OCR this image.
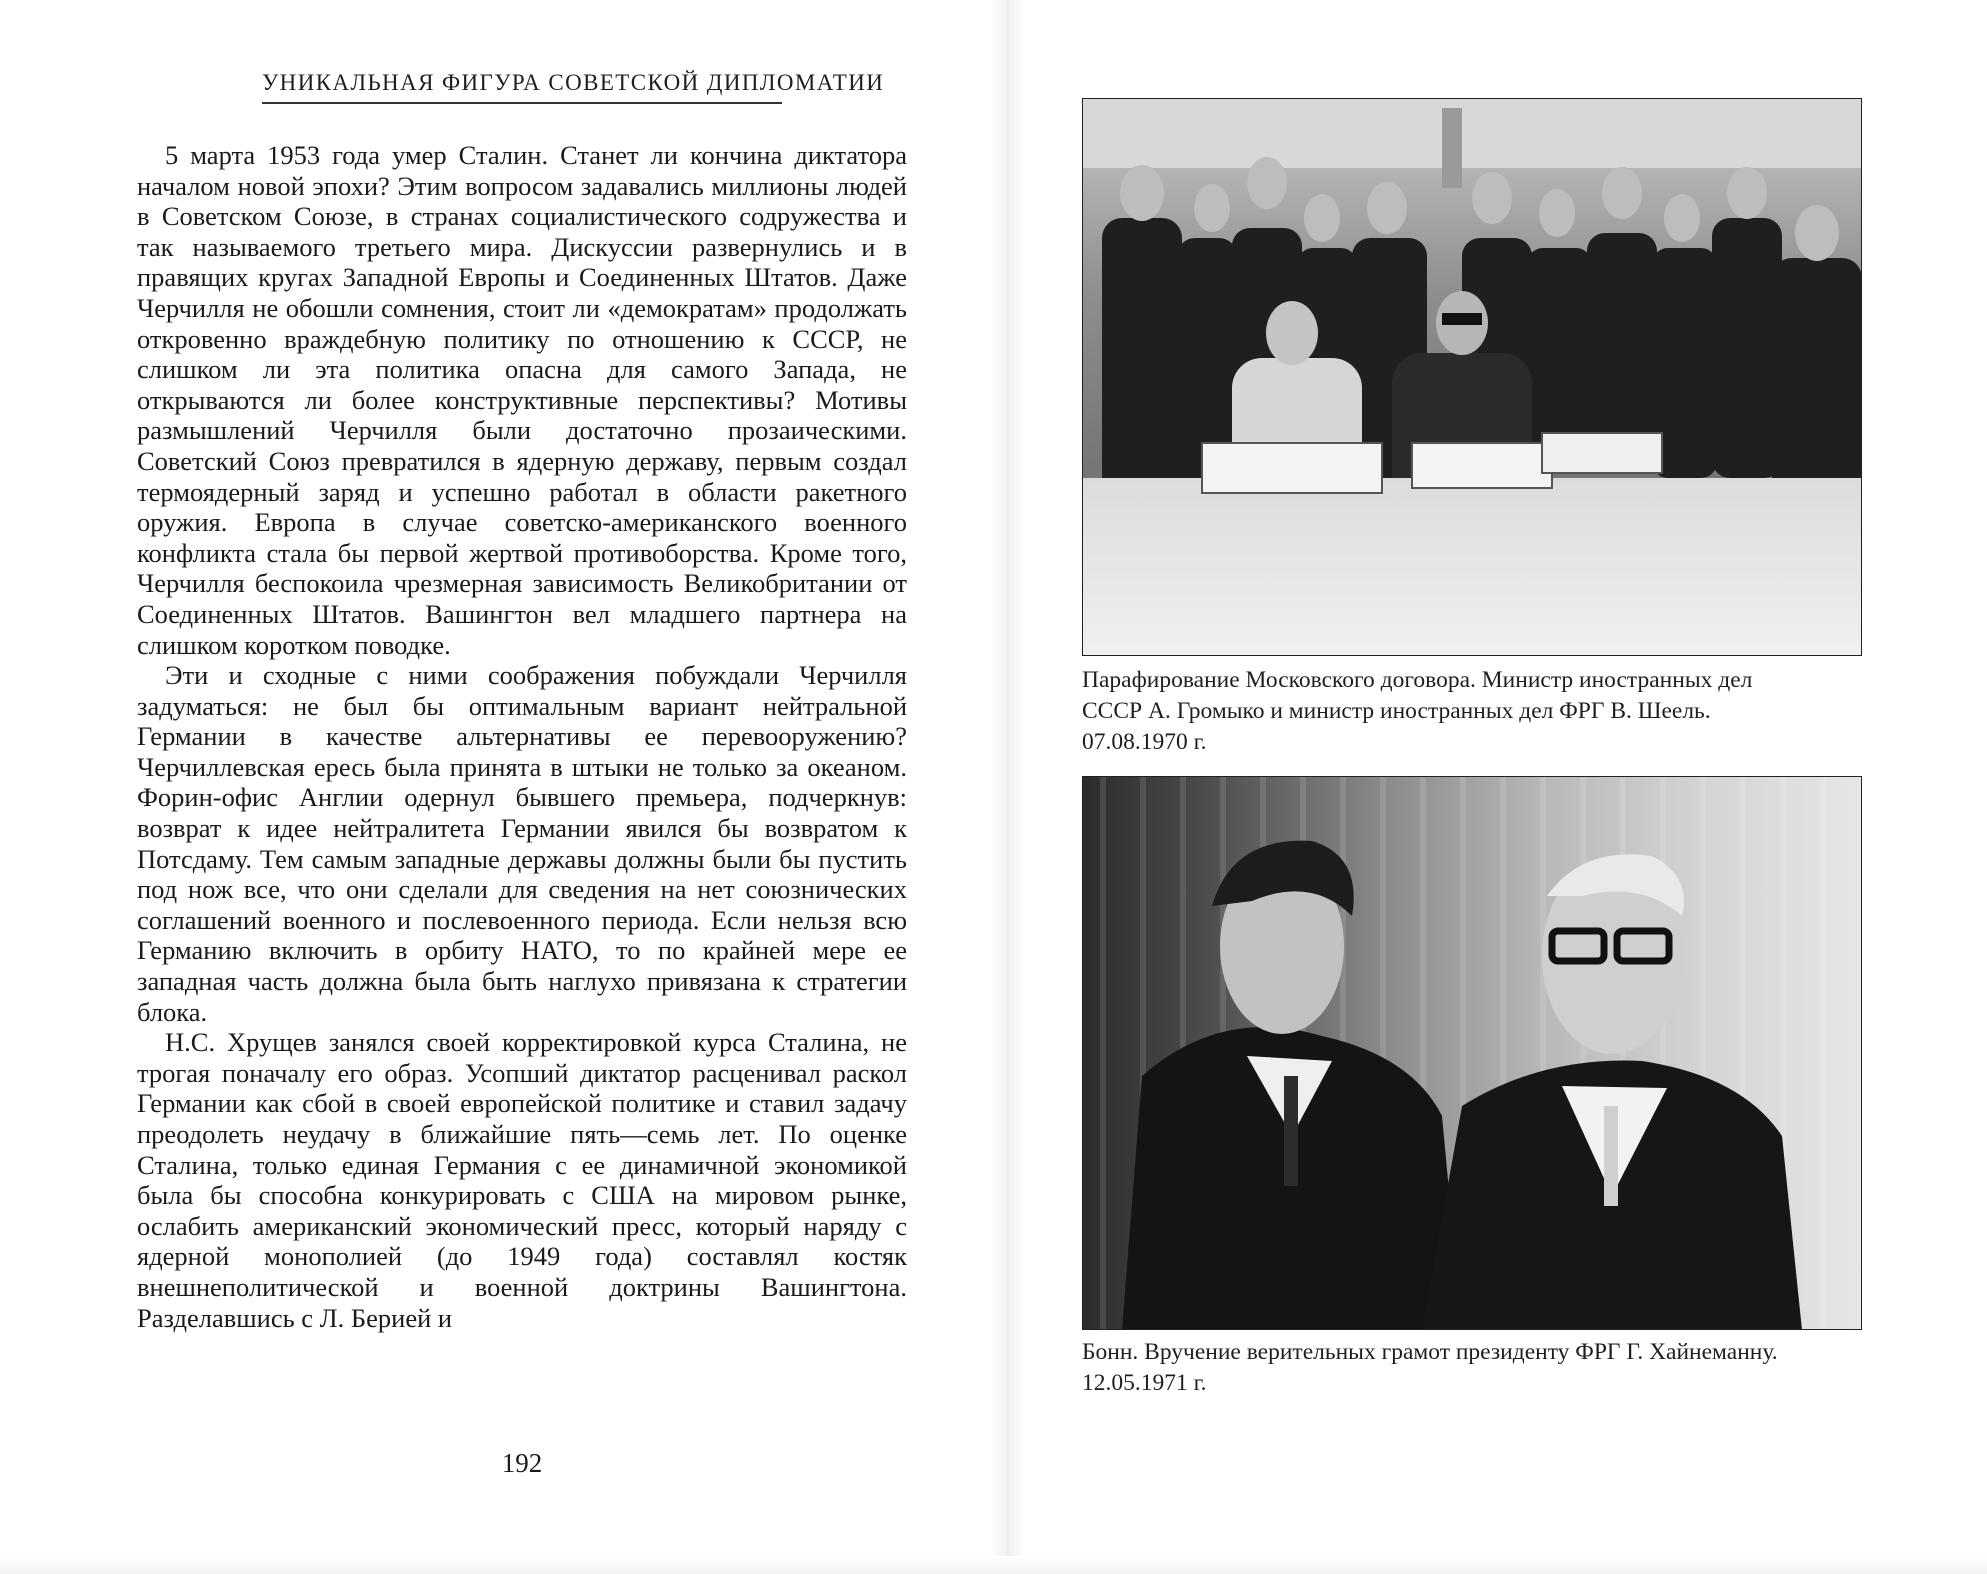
УНИКАЛЬНАЯ ФИГУРА СОВЕТСКОЙ ДИПЛОМАТИИ

5 марта 1953 года умер Сталин. Станет ли кончина диктатора началом новой эпохи? Этим вопросом задавались миллионы людей в Советском Союзе, в странах социалистического содружества и так называемого третьего мира. Дискуссии развернулись и в правящих кругах Западной Европы и Соединенных Штатов. Даже Черчилля не обошли сомнения, стоит ли «демократам» продолжать откровенно враждебную политику по отношению к СССР, не слишком ли эта политика опасна для самого Запада, не открываются ли более конструктивные перспективы? Мотивы размышлений Черчилля были достаточно прозаическими. Советский Союз превратился в ядерную державу, первым создал термоядерный заряд и успешно работал в области ракетного оружия. Европа в случае советско-американского военного конфликта стала бы первой жертвой противоборства. Кроме того, Черчилля беспокоила чрезмерная зависимость Великобритании от Соединенных Штатов. Вашингтон вел младшего партнера на слишком коротком поводке.

Эти и сходные с ними соображения побуждали Черчилля задуматься: не был бы оптимальным вариант нейтральной Германии в качестве альтернативы ее перевооружению? Черчиллевская ересь была принята в штыки не только за океаном. Форин-офис Англии одернул бывшего премьера, подчеркнув: возврат к идее нейтралитета Германии явился бы возвратом к Потсдаму. Тем самым западные державы должны были бы пустить под нож все, что они сделали для сведения на нет союзнических соглашений военного и послевоенного периода. Если нельзя всю Германию включить в орбиту НАТО, то по крайней мере ее западная часть должна была быть наглухо привязана к стратегии блока.

Н.С. Хрущев занялся своей корректировкой курса Сталина, не трогая поначалу его образ. Усопший диктатор расценивал раскол Германии как сбой в своей европейской политике и ставил задачу преодолеть неудачу в ближайшие пять—семь лет. По оценке Сталина, только единая Германия с ее динамичной экономикой была бы способна конкурировать с США на мировом рынке, ослабить американский экономический пресс, который наряду с ядерной монополией (до 1949 года) составлял костяк внешнеполитической и военной доктрины Вашингтона. Разделавшись с Л. Берией и

192
Парафирование Московского договора. Министр иностранных дел
СССР А. Громыко и министр иностранных дел ФРГ В. Шеель.
07.08.1970 г.
Бонн. Вручение верительных грамот президенту ФРГ Г. Хайнеманну.
12.05.1971 г.
